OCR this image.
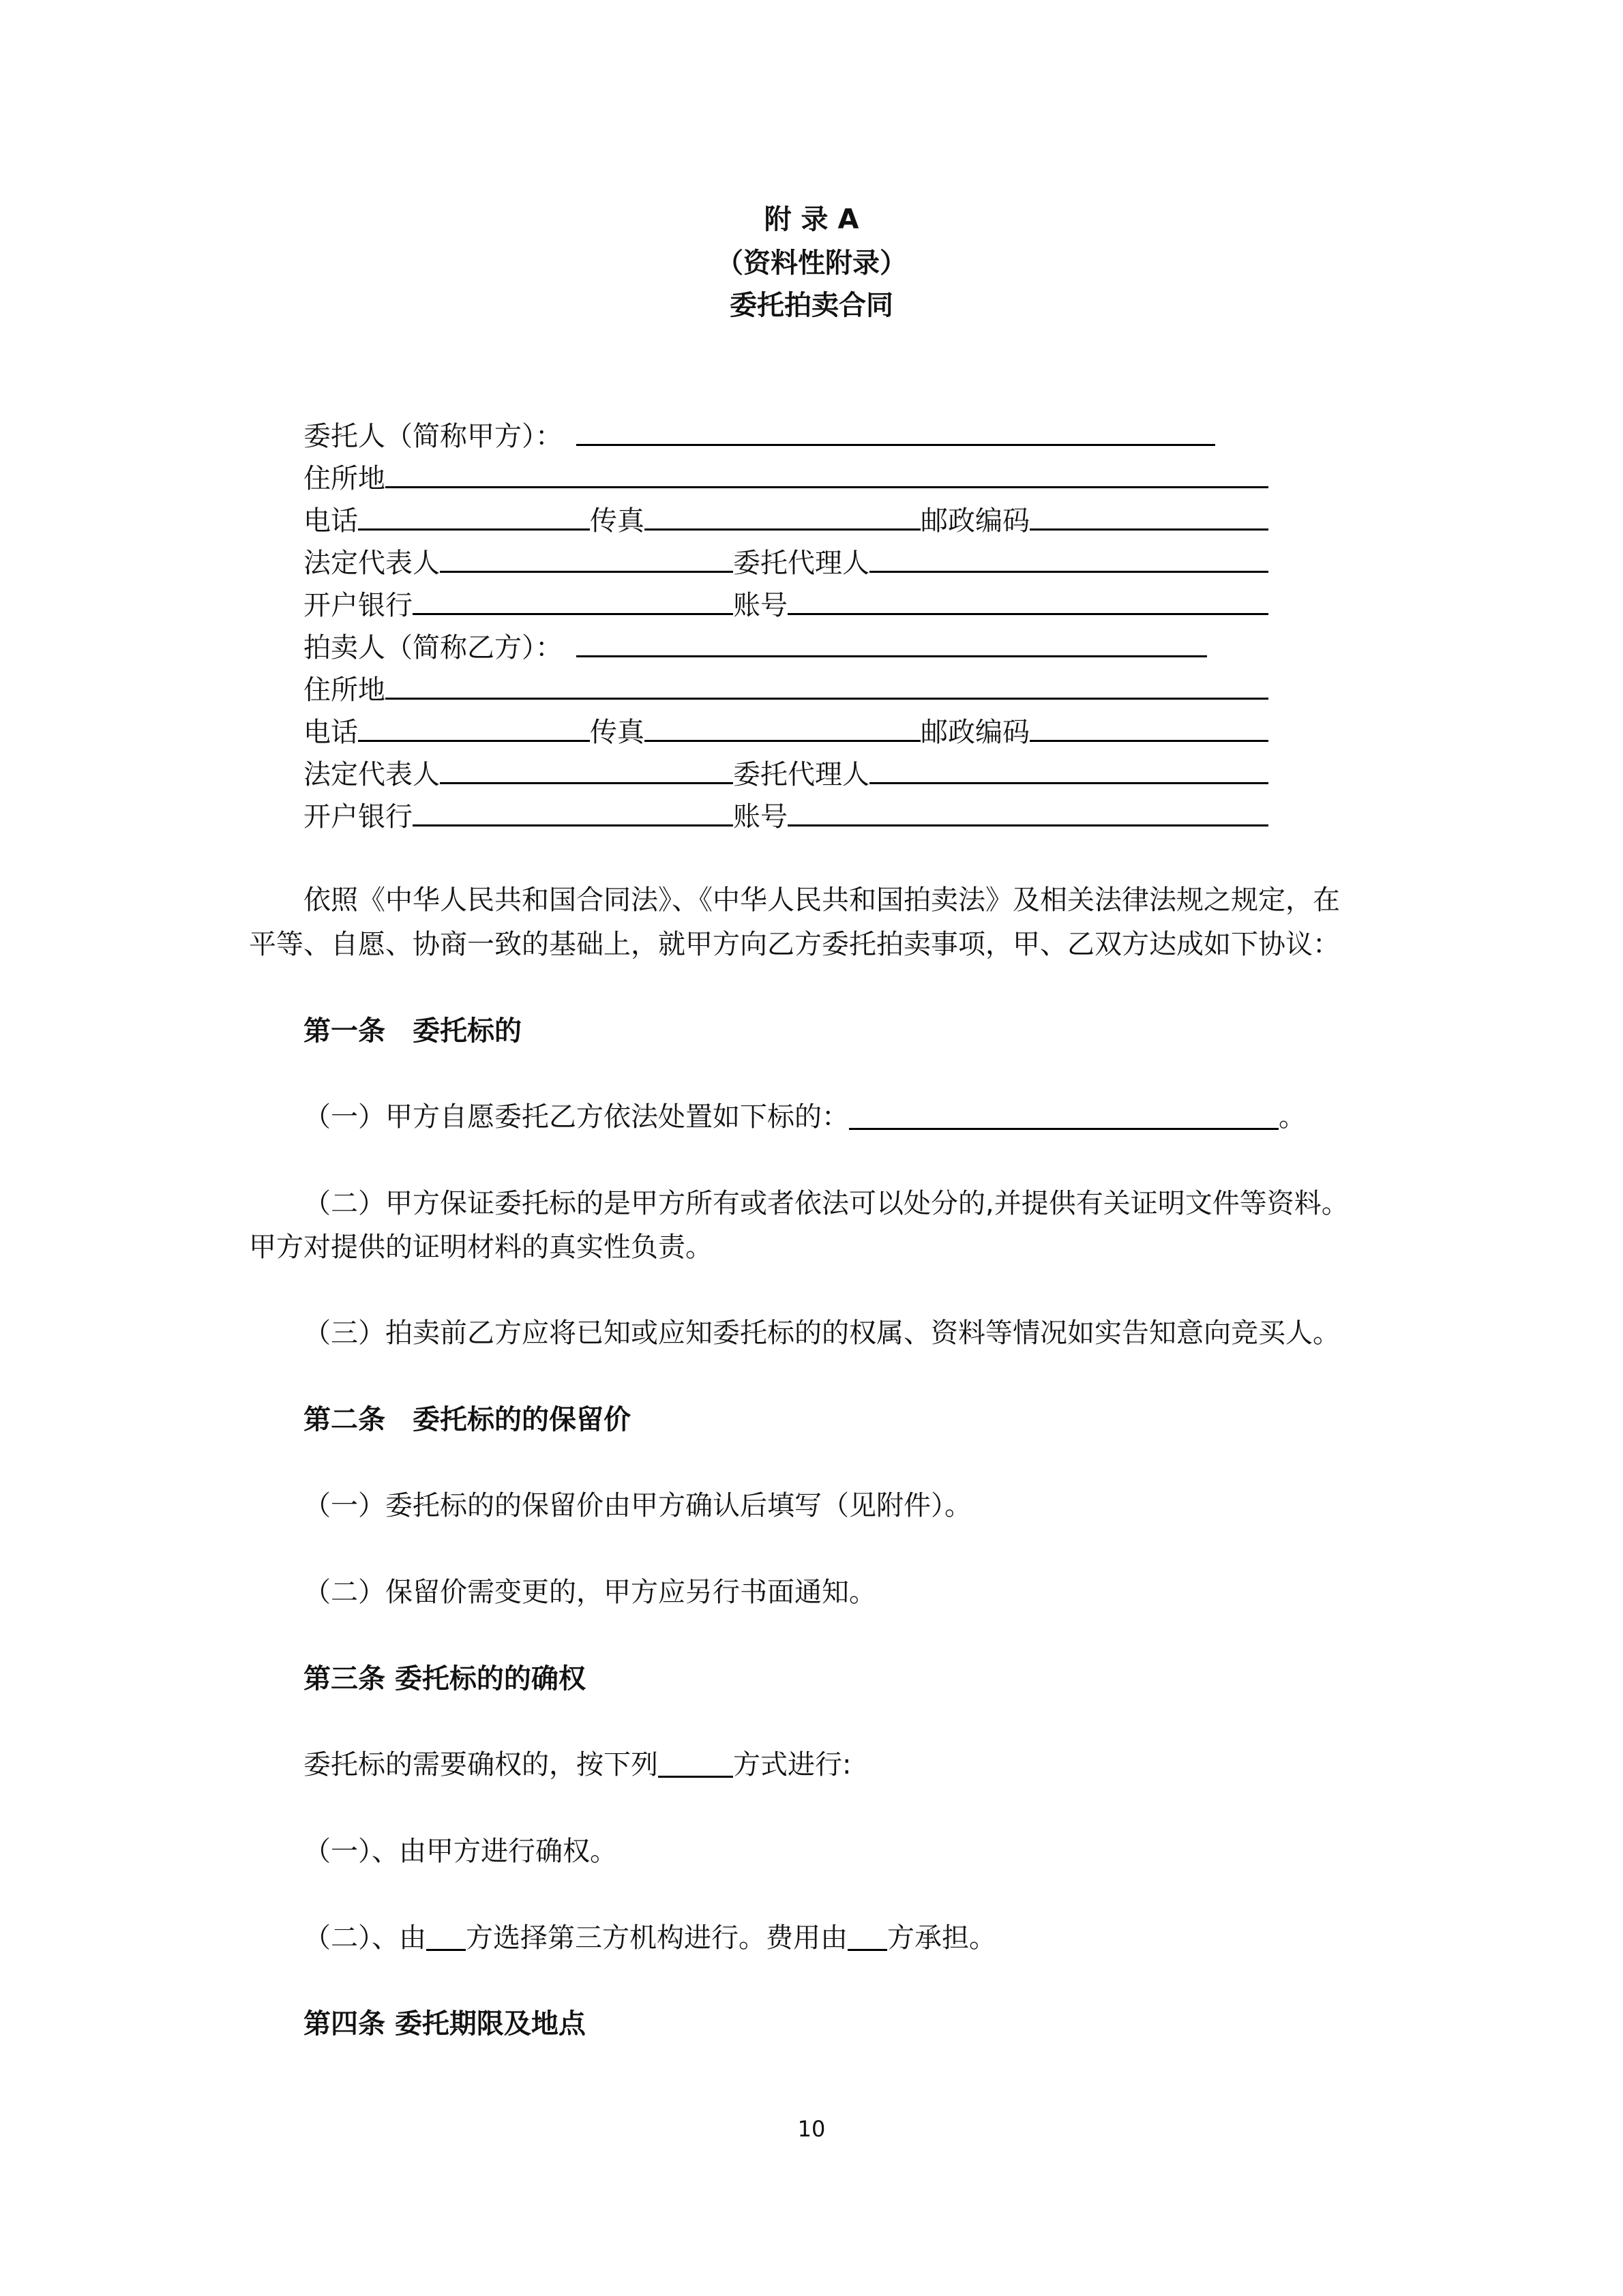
附 录 A
（资料性附录）
委托拍卖合同
委托人（简称甲方）：
住所地
电话	传真	邮政编码
法定代表人	委托代理人
开户银行	账号
拍卖人（简称乙方）：
住所地
电话	传真	邮政编码
法定代表人	委托代理人
开户银行	账号
依照《中华人民共和国合同法》、《中华人民共和国拍卖法》及相关法律法规之规定，在
平等、自愿、协商一致的基础上，就甲方向乙方委托拍卖事项，甲、乙双方达成如下协议：
第一条　委托标的
（一）甲方自愿委托乙方依法处置如下标的：	。
（二）甲方保证委托标的是甲方所有或者依法可以处分的,并提供有关证明文件等资料。
甲方对提供的证明材料的真实性负责。
（三）拍卖前乙方应将已知或应知委托标的的权属、资料等情况如实告知意向竞买人。
第二条　委托标的的保留价
（一）委托标的的保留价由甲方确认后填写（见附件）。
（二）保留价需变更的，甲方应另行书面通知。
第三条 委托标的的确权
委托标的需要确权的，按下列	方式进行:
（一）、由甲方进行确权。
（二）、由 方选择第三方机构进行。费用由 方承担。
第四条 委托期限及地点
10
